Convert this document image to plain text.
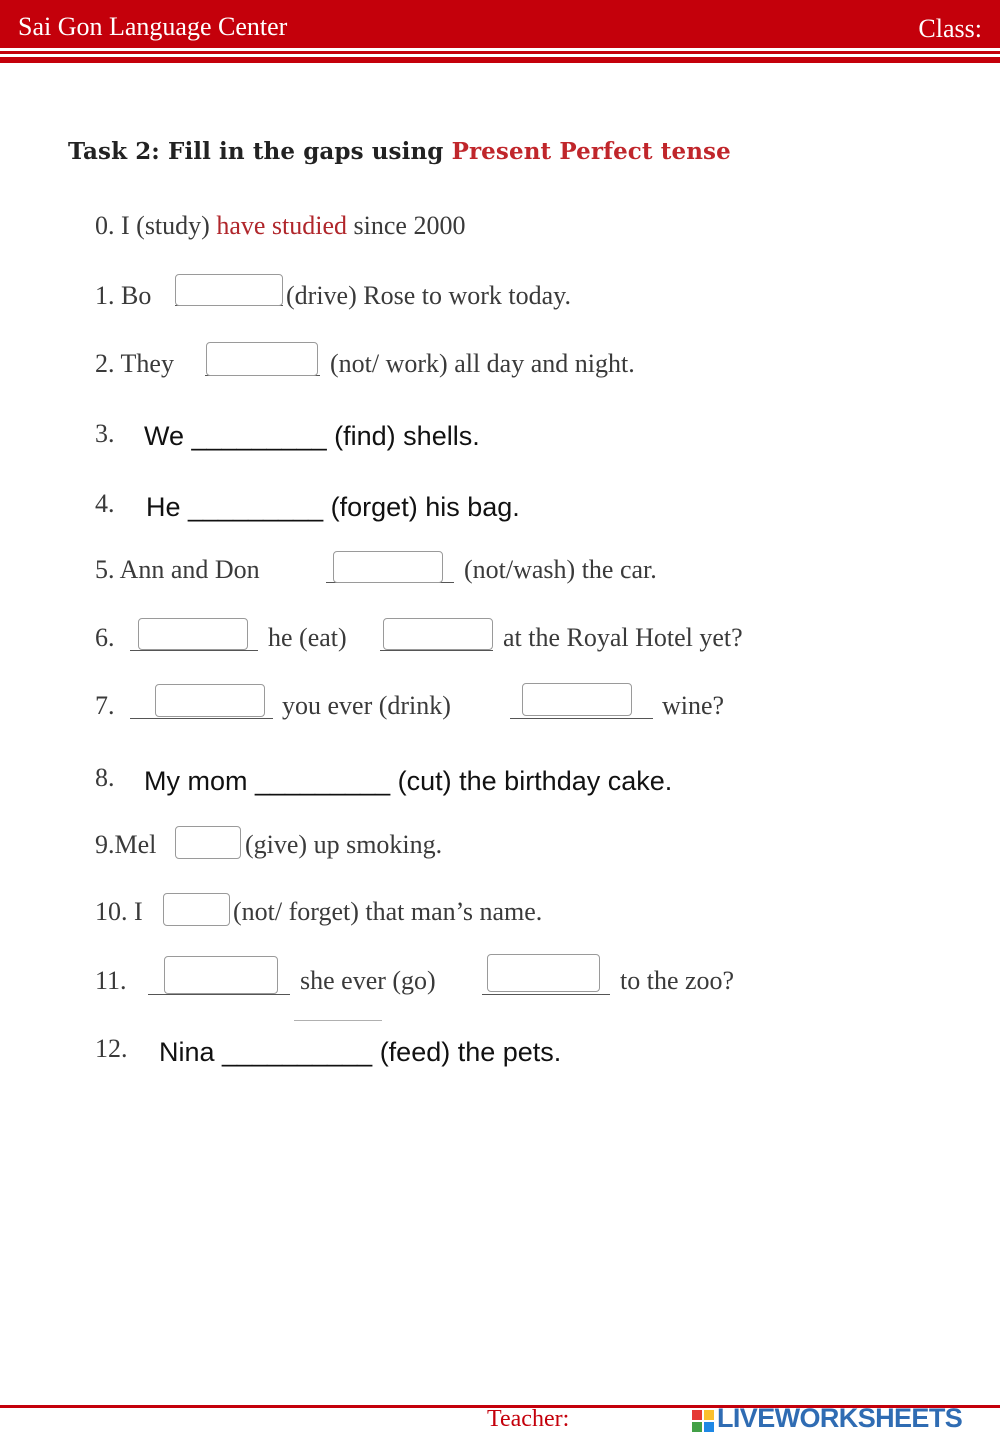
Sai Gon Language Center	Class:
Task 2: Fill in the gaps using Present Perfect tense
0. I (study) have studied since 2000
1. Bo	(drive) Rose to work today.
2. They	(not/ work) all day and night.
3. We _________ (find) shells.
4. He _________ (forget) his bag.
5. Ann and Don	(not/wash) the car.
6.	he (eat)	at the Royal Hotel yet?
7.	you ever (drink)	wine?
8. My mom _________ (cut) the birthday cake.
9.Mel	(give) up smoking.
10. I	(not/ forget) that man’s name.
11.	she ever (go)	to the zoo?
12. Nina __________ (feed) the pets.
Teacher:	LIVEWORKSHEETS
